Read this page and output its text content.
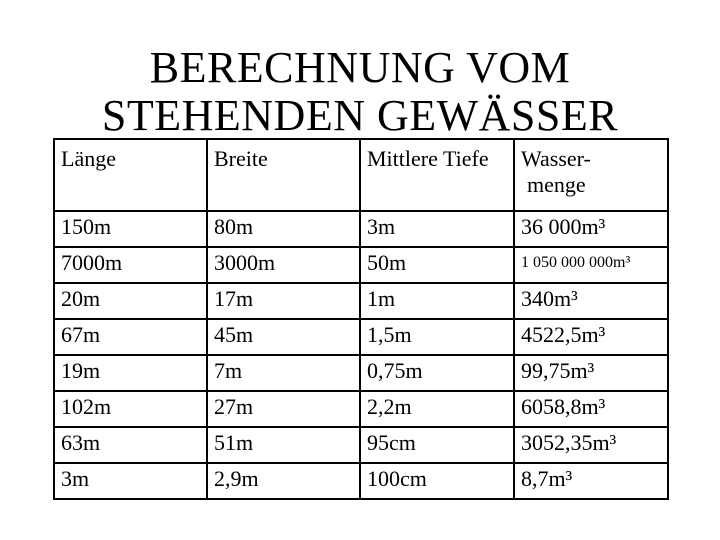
BERECHNUNG VOM
STEHENDEN GEWÄSSER
Länge	Breite	Mittlere Tiefe	Wasser-
menge

150m	80m	3m	36 000m³
7000m	3000m	50m	1 050 000 000m³
20m	17m	1m	340m³
67m	45m	1,5m	4522,5m³
19m	7m	0,75m	99,75m³
102m	27m	2,2m	6058,8m³
63m	51m	95cm	3052,35m³
3m	2,9m	100cm	8,7m³
